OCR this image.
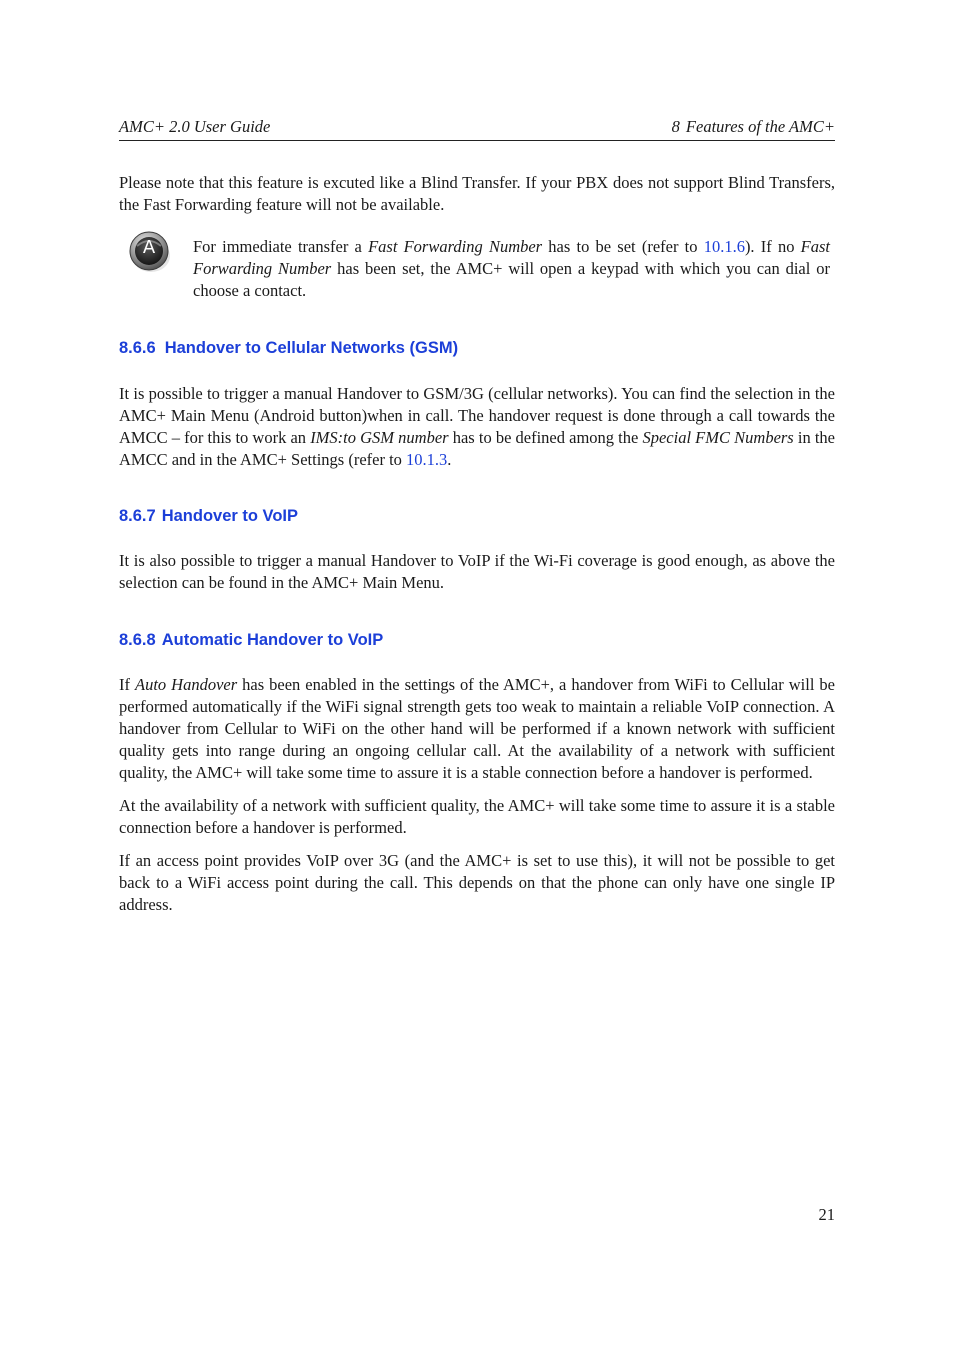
AMC+ 2.0 User Guide	8 Features of the AMC+

Please note that this feature is excuted like a Blind Transfer. If your PBX does not support Blind Transfers, the Fast Forwarding feature will not be available.

A	For immediate transfer a Fast Forwarding Number has to be set (refer to 10.1.6). If no Fast Forwarding Number has been set, the AMC+ will open a keypad with which you can dial or choose a contact.

8.6.6 Handover to Cellular Networks (GSM)

It is possible to trigger a manual Handover to GSM/3G (cellular networks). You can find the selection in the AMC+ Main Menu (Android button)when in call. The handover request is done through a call towards the AMCC – for this to work an IMS:to GSM number has to be defined among the Special FMC Numbers in the AMCC and in the AMC+ Settings (refer to 10.1.3.

8.6.7 Handover to VoIP

It is also possible to trigger a manual Handover to VoIP if the Wi-Fi coverage is good enough, as above the selection can be found in the AMC+ Main Menu.

8.6.8 Automatic Handover to VoIP

If Auto Handover has been enabled in the settings of the AMC+, a handover from WiFi to Cellular will be performed automatically if the WiFi signal strength gets too weak to maintain a reliable VoIP connection. A handover from Cellular to WiFi on the other hand will be performed if a known network with sufficient quality gets into range during an ongoing cellular call. At the availability of a network with sufficient quality, the AMC+ will take some time to assure it is a stable connection before a handover is performed.

At the availability of a network with sufficient quality, the AMC+ will take some time to assure it is a stable connection before a handover is performed.

If an access point provides VoIP over 3G (and the AMC+ is set to use this), it will not be possible to get back to a WiFi access point during the call. This depends on that the phone can only have one single IP address.

21
